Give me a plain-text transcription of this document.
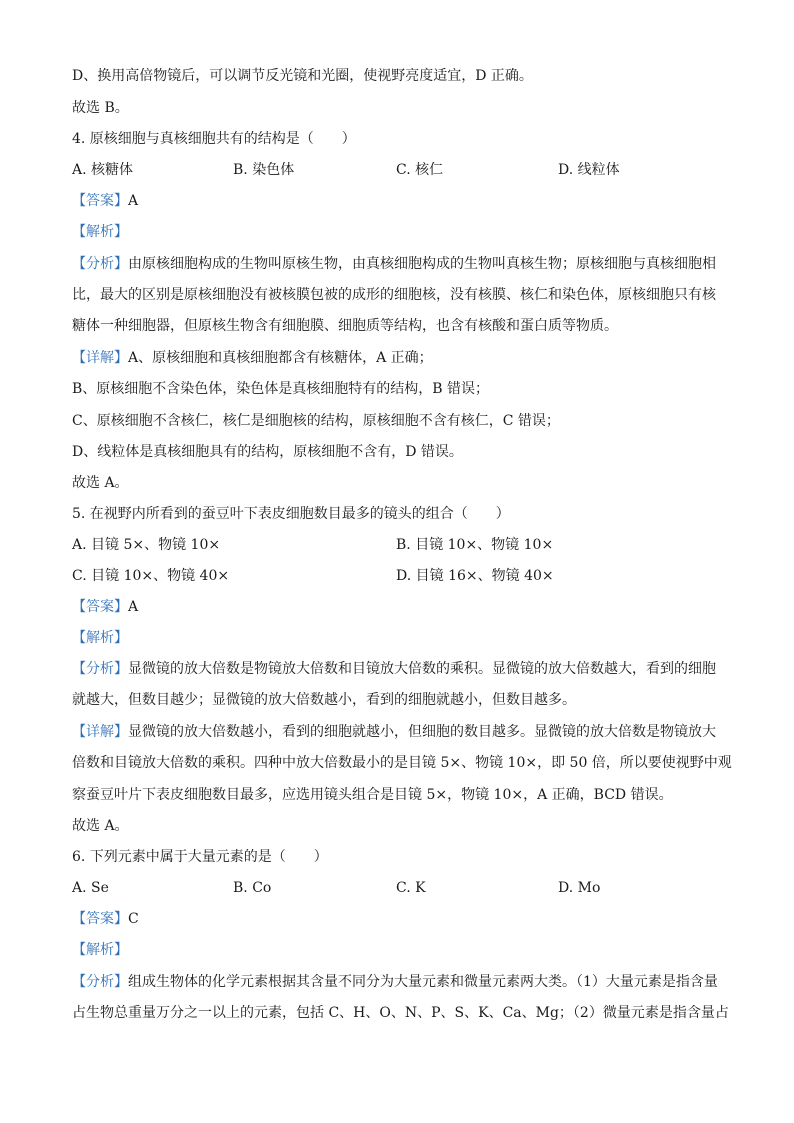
D、换用高倍物镜后，可以调节反光镜和光圈，使视野亮度适宜，D 正确。
故选 B。
4. 原核细胞与真核细胞共有的结构是（　　）
A. 核糖体	B. 染色体	C. 核仁	D. 线粒体
【答案】A
【解析】
【分析】由原核细胞构成的生物叫原核生物，由真核细胞构成的生物叫真核生物；原核细胞与真核细胞相
比，最大的区别是原核细胞没有被核膜包被的成形的细胞核，没有核膜、核仁和染色体，原核细胞只有核
糖体一种细胞器，但原核生物含有细胞膜、细胞质等结构，也含有核酸和蛋白质等物质。
【详解】A、原核细胞和真核细胞都含有核糖体，A 正确；
B、原核细胞不含染色体，染色体是真核细胞特有的结构，B 错误；
C、原核细胞不含核仁，核仁是细胞核的结构，原核细胞不含有核仁，C 错误；
D、线粒体是真核细胞具有的结构，原核细胞不含有，D 错误。
故选 A。
5. 在视野内所看到的蚕豆叶下表皮细胞数目最多的镜头的组合（　　）
A. 目镜 5×、物镜 10×	B. 目镜 10×、物镜 10×
C. 目镜 10×、物镜 40×	D. 目镜 16×、物镜 40×
【答案】A
【解析】
【分析】显微镜的放大倍数是物镜放大倍数和目镜放大倍数的乘积。显微镜的放大倍数越大，看到的细胞
就越大，但数目越少；显微镜的放大倍数越小，看到的细胞就越小，但数目越多。
【详解】显微镜的放大倍数越小，看到的细胞就越小，但细胞的数目越多。显微镜的放大倍数是物镜放大
倍数和目镜放大倍数的乘积。四种中放大倍数最小的是目镜 5×、物镜 10×，即 50 倍，所以要使视野中观
察蚕豆叶片下表皮细胞数目最多，应选用镜头组合是目镜 5×，物镜 10×，A 正确，BCD 错误。
故选 A。
6. 下列元素中属于大量元素的是（　　）
A. Se	B. Co	C. K	D. Mo
【答案】C
【解析】
【分析】组成生物体的化学元素根据其含量不同分为大量元素和微量元素两大类。（1）大量元素是指含量
占生物总重量万分之一以上的元素，包括 C、H、O、N、P、S、K、Ca、Mg；（2）微量元素是指含量占
